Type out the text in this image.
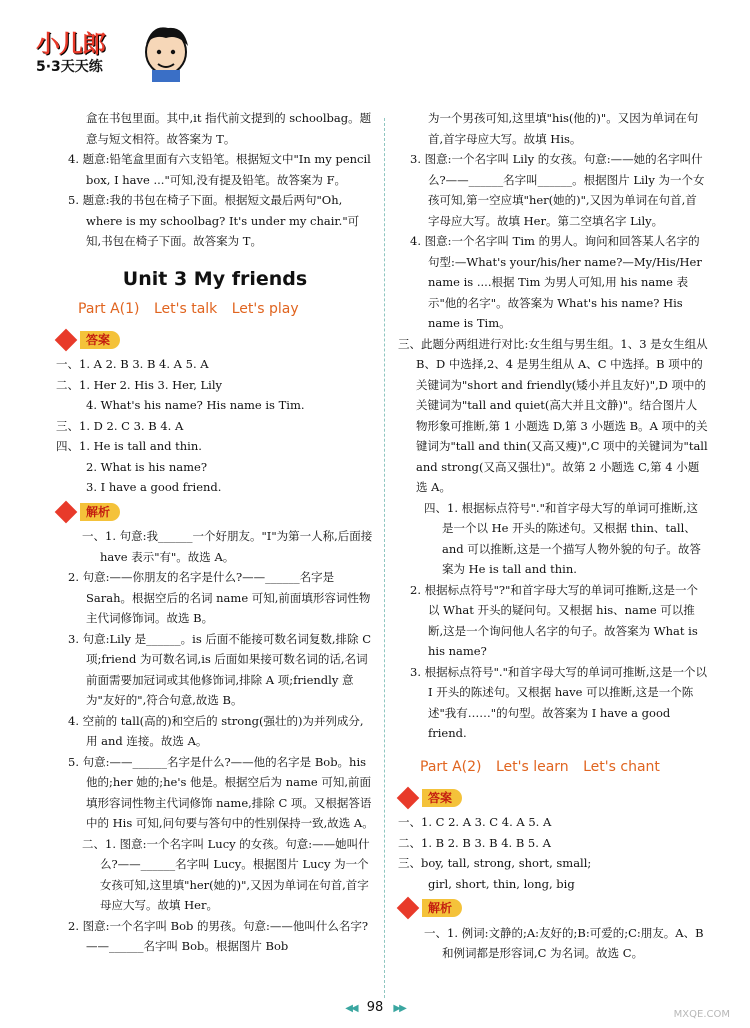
小儿郎
5·3天天练

盒在书包里面。其中,it 指代前文提到的 schoolbag。题意与短文相符。故答案为 T。

4. 题意:铅笔盒里面有六支铅笔。根据短文中"In my pencil box, I have ..."可知,没有提及铅笔。故答案为 F。

5. 题意:我的书包在椅子下面。根据短文最后两句"Oh, where is my schoolbag? It's under my chair."可知,书包在椅子下面。故答案为 T。

Unit 3 My friends
Part A(1) Let's talk Let's play
答案

一、1. A 2. B 3. B 4. A 5. A

二、1. Her 2. His 3. Her, Lily

4. What's his name? His name is Tim.

三、1. D 2. C 3. B 4. A

四、1. He is tall and thin.

2. What is his name?

3. I have a good friend.

解析

一、1. 句意:我______一个好朋友。"I"为第一人称,后面接 have 表示"有"。故选 A。

2. 句意:——你朋友的名字是什么?——______名字是 Sarah。根据空后的名词 name 可知,前面填形容词性物主代词修饰词。故选 B。

3. 句意:Lily 是______。is 后面不能接可数名词复数,排除 C 项;friend 为可数名词,is 后面如果接可数名词的话,名词前面需要加冠词或其他修饰词,排除 A 项;friendly 意为"友好的",符合句意,故选 B。

4. 空前的 tall(高的)和空后的 strong(强壮的)为并列成分,用 and 连接。故选 A。

5. 句意:——______名字是什么?——他的名字是 Bob。his 他的;her 她的;he's 他是。根据空后为 name 可知,前面填形容词性物主代词修饰 name,排除 C 项。又根据答语中的 His 可知,问句要与答句中的性别保持一致,故选 A。

二、1. 图意:一个名字叫 Lucy 的女孩。句意:——她叫什么?——______名字叫 Lucy。根据图片 Lucy 为一个女孩可知,这里填"her(她的)",又因为单词在句首,首字母应大写。故填 Her。

2. 图意:一个名字叫 Bob 的男孩。句意:——他叫什么名字?——______名字叫 Bob。根据图片 Bob

为一个男孩可知,这里填"his(他的)"。又因为单词在句首,首字母应大写。故填 His。

3. 图意:一个名字叫 Lily 的女孩。句意:——她的名字叫什么?——______名字叫______。根据图片 Lily 为一个女孩可知,第一空应填"her(她的)",又因为单词在句首,首字母应大写。故填 Her。第二空填名字 Lily。

4. 图意:一个名字叫 Tim 的男人。询问和回答某人名字的句型:—What's your/his/her name?—My/His/Her name is ....根据 Tim 为男人可知,用 his name 表示"他的名字"。故答案为 What's his name? His name is Tim。

三、此题分两组进行对比:女生组与男生组。1、3 是女生组从 B、D 中选择,2、4 是男生组从 A、C 中选择。B 项中的关键词为"short and friendly(矮小并且友好)",D 项中的关键词为"tall and quiet(高大并且文静)"。结合图片人物形象可推断,第 1 小题选 D,第 3 小题选 B。A 项中的关键词为"tall and thin(又高又瘦)",C 项中的关键词为"tall and strong(又高又强壮)"。故第 2 小题选 C,第 4 小题选 A。

四、1. 根据标点符号"."和首字母大写的单词可推断,这是一个以 He 开头的陈述句。又根据 thin、tall、and 可以推断,这是一个描写人物外貌的句子。故答案为 He is tall and thin.

2. 根据标点符号"?"和首字母大写的单词可推断,这是一个以 What 开头的疑问句。又根据 his、name 可以推断,这是一个询问他人名字的句子。故答案为 What is his name?

3. 根据标点符号"."和首字母大写的单词可推断,这是一个以 I 开头的陈述句。又根据 have 可以推断,这是一个陈述"我有……"的句型。故答案为 I have a good friend.

Part A(2) Let's learn Let's chant
答案

一、1. C 2. A 3. C 4. A 5. A

二、1. B 2. B 3. B 4. B 5. A

三、boy, tall, strong, short, small;

girl, short, thin, long, big

解析

一、1. 例词:文静的;A:友好的;B:可爱的;C:朋友。A、B 和例词都是形容词,C 为名词。故选 C。

◀◀ 98 ▶▶
MXQE.COM
